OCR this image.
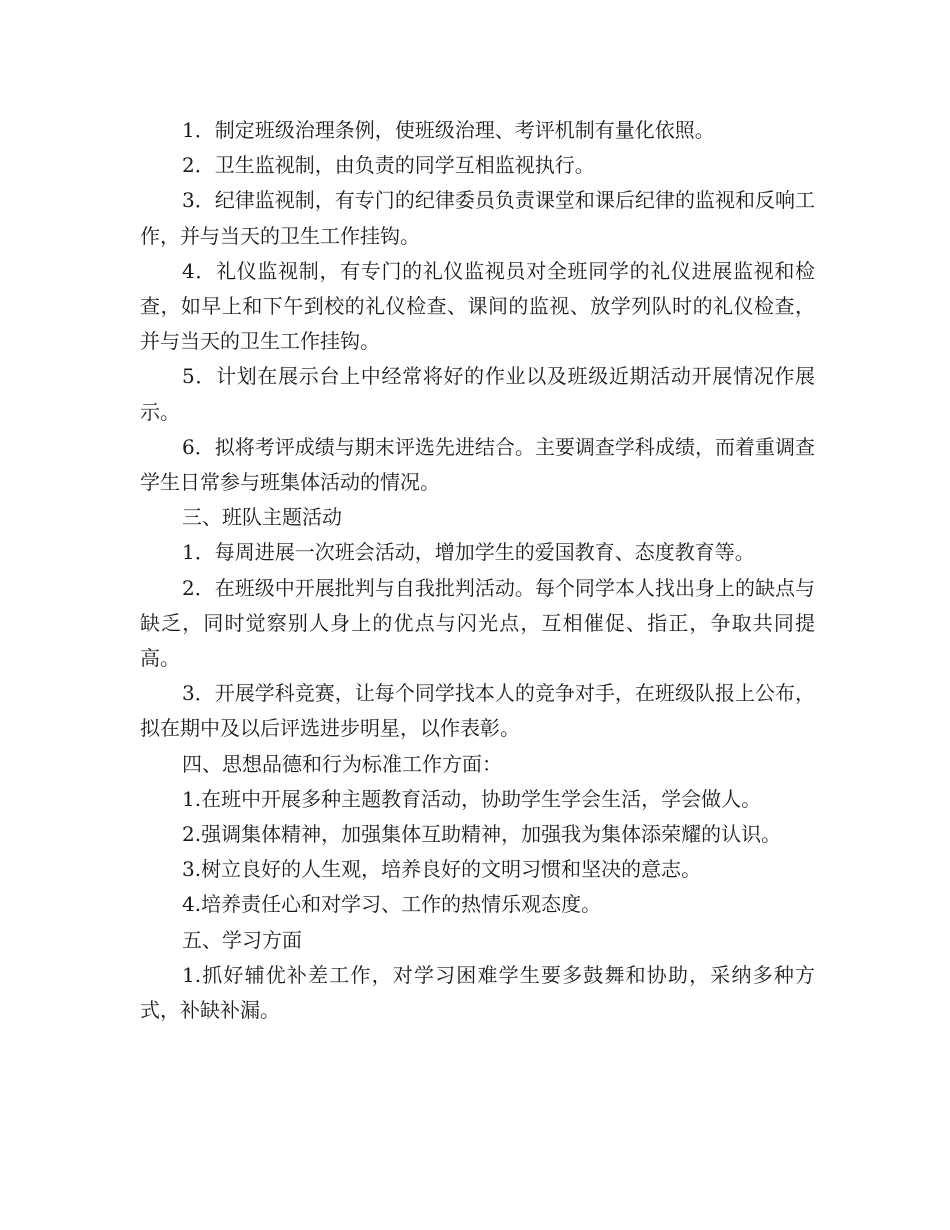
1．制定班级治理条例，使班级治理、考评机制有量化依照。

2．卫生监视制，由负责的同学互相监视执行。

3．纪律监视制，有专门的纪律委员负责课堂和课后纪律的监视和反响工作，并与当天的卫生工作挂钩。

4．礼仪监视制，有专门的礼仪监视员对全班同学的礼仪进展监视和检查，如早上和下午到校的礼仪检查、课间的监视、放学列队时的礼仪检查，并与当天的卫生工作挂钩。

5．计划在展示台上中经常将好的作业以及班级近期活动开展情况作展示。

6．拟将考评成绩与期末评选先进结合。主要调查学科成绩，而着重调查学生日常参与班集体活动的情况。

三、班队主题活动

1．每周进展一次班会活动，增加学生的爱国教育、态度教育等。

2．在班级中开展批判与自我批判活动。每个同学本人找出身上的缺点与缺乏，同时觉察别人身上的优点与闪光点，互相催促、指正，争取共同提高。

3．开展学科竞赛，让每个同学找本人的竞争对手，在班级队报上公布，拟在期中及以后评选进步明星，以作表彰。

四、思想品德和行为标准工作方面：

1.在班中开展多种主题教育活动，协助学生学会生活，学会做人。

2.强调集体精神，加强集体互助精神，加强我为集体添荣耀的认识。

3.树立良好的人生观，培养良好的文明习惯和坚决的意志。

4.培养责任心和对学习、工作的热情乐观态度。

五、学习方面

1.抓好辅优补差工作，对学习困难学生要多鼓舞和协助，采纳多种方式，补缺补漏。
